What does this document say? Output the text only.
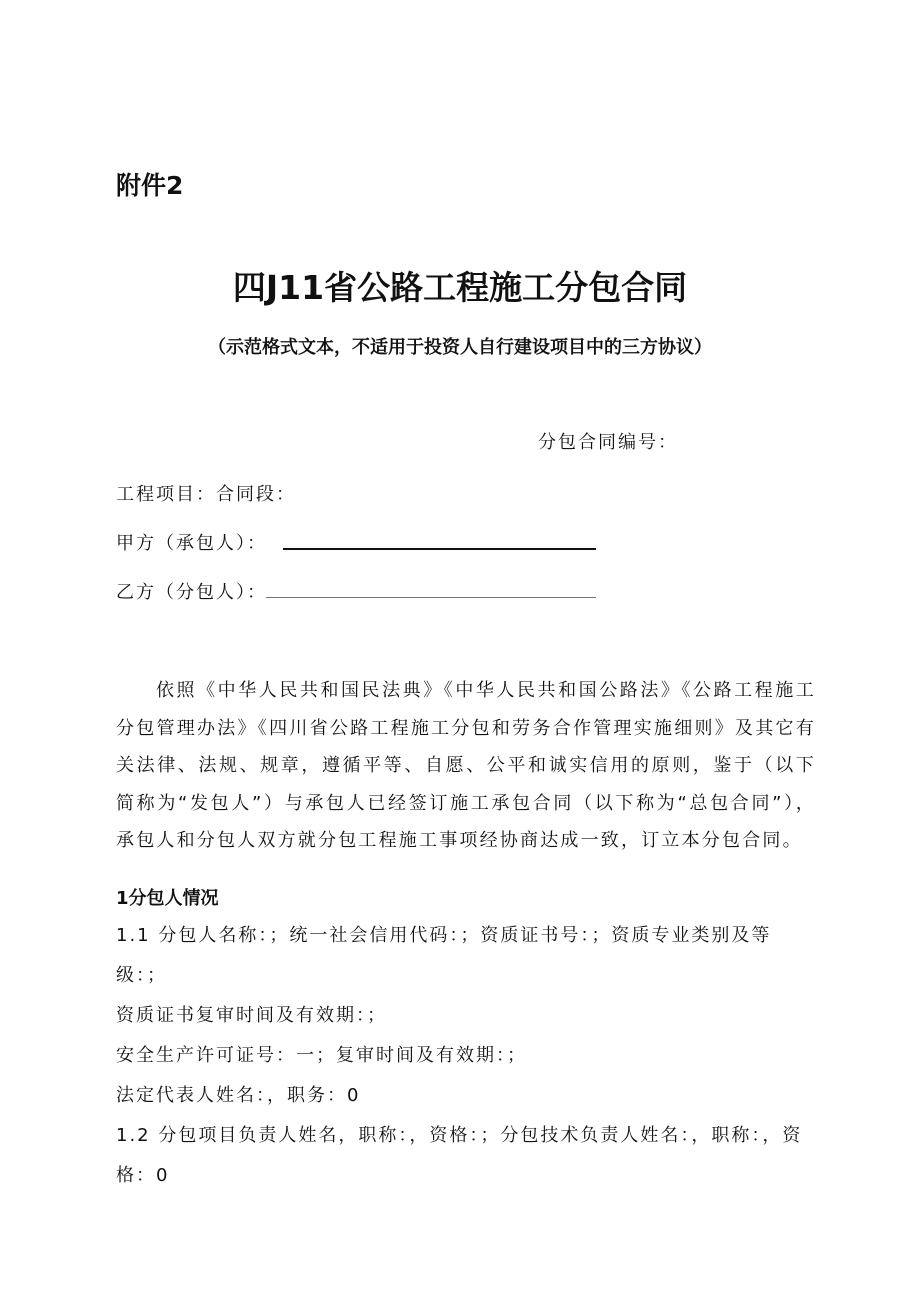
附件2
四J11省公路工程施工分包合同
（示范格式文本，不适用于投资人自行建设项目中的三方协议）
分包合同编号：
工程项目：合同段：
甲方（承包人）：
乙方（分包人）：

依照《中华人民共和国民法典》《中华人民共和国公路法》《公路工程施工分包管理办法》《四川省公路工程施工分包和劳务合作管理实施细则》及其它有关法律、法规、规章，遵循平等、自愿、公平和诚实信用的原则，鉴于（以下简称为“发包人”）与承包人已经签订施工承包合同（以下称为“总包合同”），承包人和分包人双方就分包工程施工事项经协商达成一致，订立本分包合同。

1分包人情况

1.1 分包人名称：；统一社会信用代码：；资质证书号：；资质专业类别及等级：；

资质证书复审时间及有效期：；

安全生产许可证号：一；复审时间及有效期：；

法定代表人姓名：，职务：0

1.2 分包项目负责人姓名，职称：，资格：；分包技术负责人姓名：，职称：，资格：0
